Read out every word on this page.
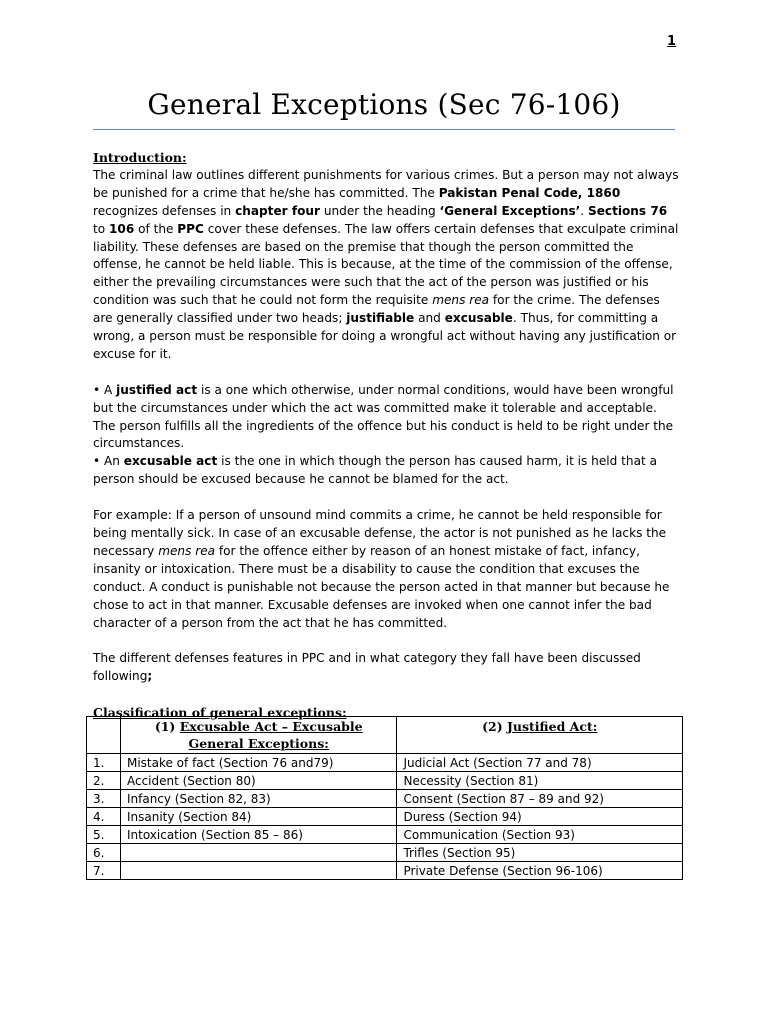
1
General Exceptions (Sec 76-106)

Introduction:

The criminal law outlines different punishments for various crimes. But a person may not always be punished for a crime that he/she has committed. The Pakistan Penal Code, 1860 recognizes defenses in chapter four under the heading ‘General Exceptions’. Sections 76 to 106 of the PPC cover these defenses. The law offers certain defenses that exculpate criminal liability. These defenses are based on the premise that though the person committed the offense, he cannot be held liable. This is because, at the time of the commission of the offense, either the prevailing circumstances were such that the act of the person was justified or his condition was such that he could not form the requisite mens rea for the crime. The defenses are generally classified under two heads; justifiable and excusable. Thus, for committing a wrong, a person must be responsible for doing a wrongful act without having any justification or excuse for it.

• A justified act is a one which otherwise, under normal conditions, would have been wrongful but the circumstances under which the act was committed make it tolerable and acceptable. The person fulfills all the ingredients of the offence but his conduct is held to be right under the circumstances.

• An excusable act is the one in which though the person has caused harm, it is held that a person should be excused because he cannot be blamed for the act.

For example: If a person of unsound mind commits a crime, he cannot be held responsible for being mentally sick. In case of an excusable defense, the actor is not punished as he lacks the necessary mens rea for the offence either by reason of an honest mistake of fact, infancy, insanity or intoxication. There must be a disability to cause the condition that excuses the conduct. A conduct is punishable not because the person acted in that manner but because he chose to act in that manner. Excusable defenses are invoked when one cannot infer the bad character of a person from the act that he has committed.

The different defenses features in PPC and in what category they fall have been discussed following;

Classification of general exceptions:

	(1) Excusable Act – Excusable General Exceptions:	(2) Justified Act:
1.	Mistake of fact (Section 76 and79)	Judicial Act (Section 77 and 78)
2.	Accident (Section 80)	Necessity (Section 81)
3.	Infancy (Section 82, 83)	Consent (Section 87 – 89 and 92)
4.	Insanity (Section 84)	Duress (Section 94)
5.	Intoxication (Section 85 – 86)	Communication (Section 93)
6.		Trifles (Section 95)
7.		Private Defense (Section 96-106)
